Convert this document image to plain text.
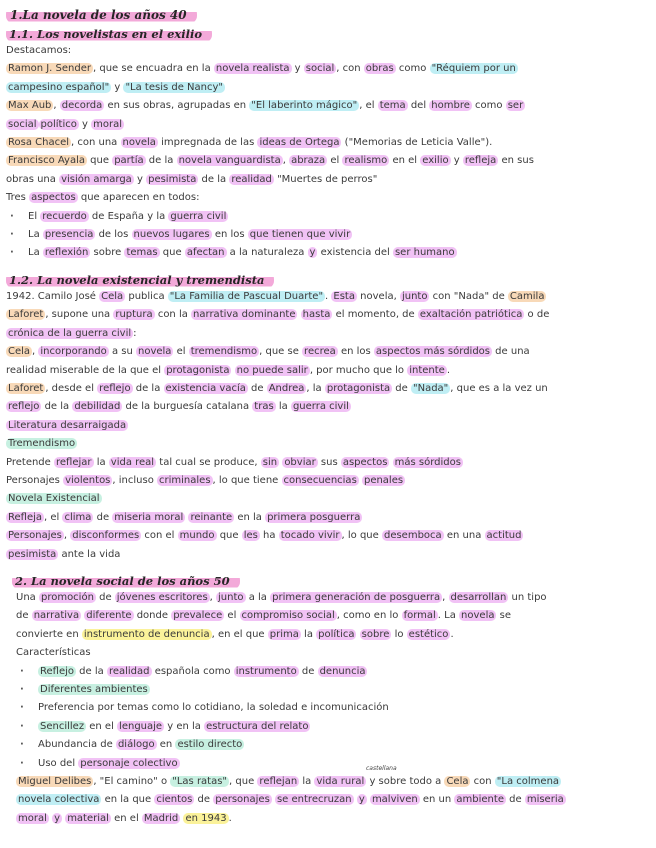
1.La novela de los años 40
1.1. Los novelistas en el exilio
Destacamos:
Ramon J. Sender , que se encuadra en la novela realista y social , con obras como "Réquiem por un
campesino español" y "La tesis de Nancy"
Max Aub , decorda en sus obras, agrupadas en "El laberinto mágico" , el tema del hombre como ser
social político y moral
Rosa Chacel , con una novela impregnada de las ideas de Ortega ("Memorias de Leticia Valle").
Francisco Ayala que partía de la novela vanguardista , abraza el realismo en el exilio y refleja en sus
obras una visión amarga y pesimista de la realidad "Muertes de perros"
Tres aspectos que aparecen en todos:
· El recuerdo de España y la guerra civil
· La presencia de los nuevos lugares en los que tienen que vivir
· La reflexión sobre temas que afectan a la naturaleza y existencia del ser humano
1.2. La novela existencial y tremendista
1942. Camilo José Cela publica "La Familia de Pascual Duarte" . Esta novela, junto con "Nada" de Camila
Laforet , supone una ruptura con la narrativa dominante hasta el momento, de exaltación patriótica o de
crónica de la guerra civil :
Cela , incorporando a su novela el tremendismo , que se recrea en los aspectos más sórdidos de una
realidad miserable de la que el protagonista no puede salir , por mucho que lo intente .
Laforet , desde el reflejo de la existencia vacía de Andrea , la protagonista de "Nada" , que es a la vez un
reflejo de la debilidad de la burguesía catalana tras la guerra civil
Literatura desarraigada
Tremendismo
Pretende reflejar la vida real tal cual se produce, sin obviar sus aspectos más sórdidos
Personajes violentos , incluso criminales , lo que tiene consecuencias penales
Novela Existencial
Refleja , el clima de miseria moral reinante en la primera posguerra
Personajes , disconformes con el mundo que les ha tocado vivir , lo que desemboca en una actitud
pesimista ante la vida
2. La novela social de los años 50
Una promoción de jóvenes escritores , junto a la primera generación de posguerra , desarrollan un tipo
de narrativa diferente donde prevalece el compromiso social , como en lo formal . La novela se
convierte en instrumento de denuncia , en el que prima la política sobre lo estético .
Características
· Reflejo de la realidad española como instrumento de denuncia
· Diferentes ambientes
· Preferencia por temas como lo cotidiano, la soledad e incomunicación
· Sencillez en el lenguaje y en la estructura del relato
· Abundancia de diálogo en estilo directo
· Uso del personaje colectivo
Miguel Delibes , "El camino" o "Las ratas" , que reflejan la vida rural y sobre todo a Cela con "La colmena
novela colectiva en la que cientos de personajes se entrecruzan y malviven en un ambiente de miseria
moral y material en el Madrid en 1943 .
castellana
